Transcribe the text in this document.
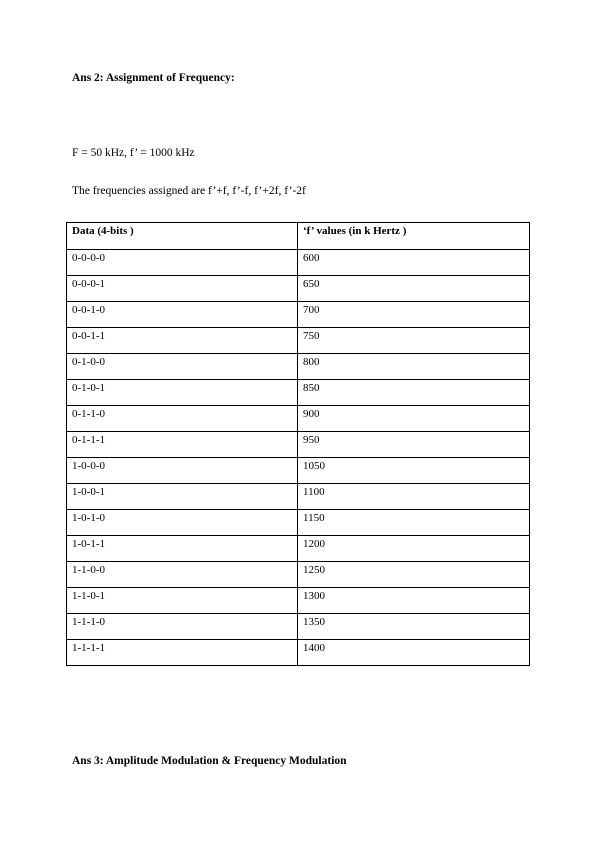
Ans 2: Assignment of Frequency:
F = 50 kHz, f’ = 1000 kHz
The frequencies assigned are f’+f, f’-f, f’+2f, f’-2f
Data (4-bits )	‘f’ values (in k Hertz )
0-0-0-0	600
0-0-0-1	650
0-0-1-0	700
0-0-1-1	750
0-1-0-0	800
0-1-0-1	850
0-1-1-0	900
0-1-1-1	950
1-0-0-0	1050
1-0-0-1	1100
1-0-1-0	1150
1-0-1-1	1200
1-1-0-0	1250
1-1-0-1	1300
1-1-1-0	1350
1-1-1-1	1400
Ans 3: Amplitude Modulation & Frequency Modulation
